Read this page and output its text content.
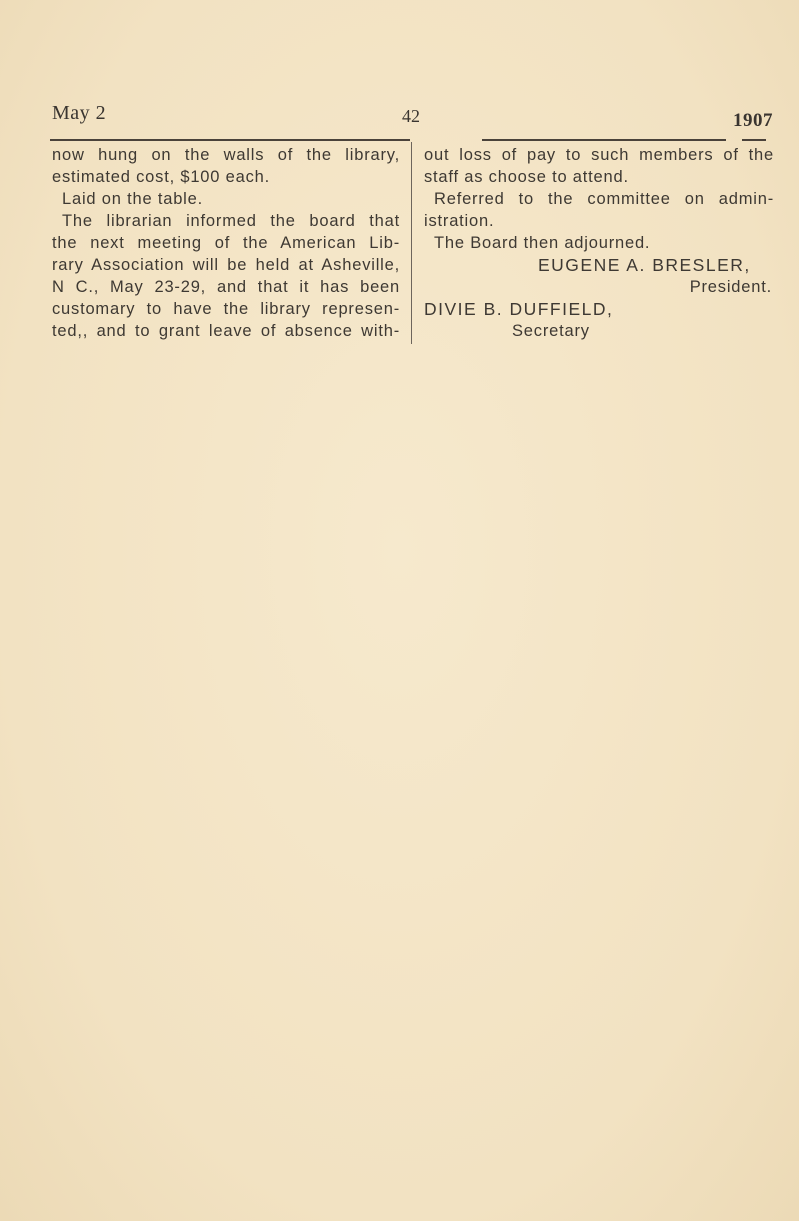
May 2	42	1907
now hung on the walls of the library,
estimated cost, $100 each.
Laid on the table.
The librarian informed the board that
the next meeting of the American Lib-
rary Association will be held at Asheville,
N C., May 23-29, and that it has been
customary to have the library represen-
ted,, and to grant leave of absence with-
out loss of pay to such members of the
staff as choose to attend.
Referred to the committee on admin-
istration.
The Board then adjourned.
EUGENE A. BRESLER,
President.
DIVIE B. DUFFIELD,
Secretary
